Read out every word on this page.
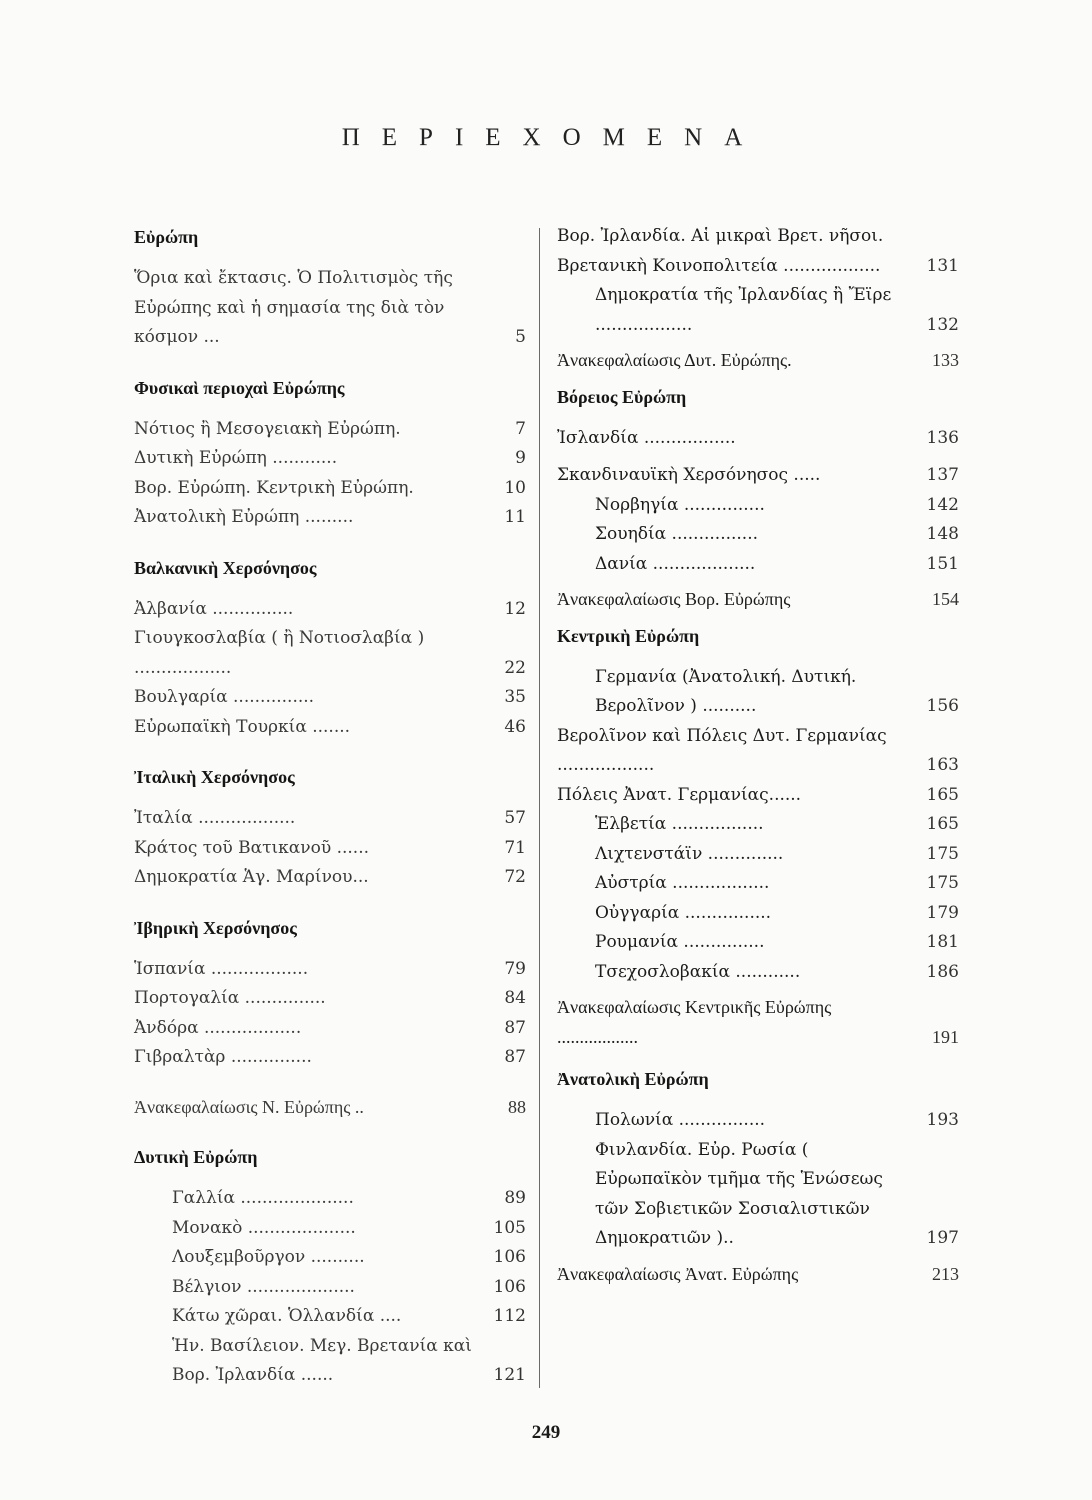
ΠΕΡΙΕΧΟΜΕΝΑ
Εὐρώπη
Ὅρια καὶ ἔκτασις. Ὁ Πολιτισμὸς τῆς Εὐρώπης καὶ ἡ σημασία της διὰ τὸν κόσμον ...	5
Φυσικαὶ περιοχαὶ Εὐρώπης
Νότιος ἢ Μεσογειακὴ Εὐρώπη.	7
Δυτικὴ Εὐρώπη ............	9
Βορ. Εὐρώπη. Κεντρικὴ Εὐρώπη.	10
Ἀνατολικὴ Εὐρώπη .........	11
Βαλκανικὴ Χερσόνησος
Ἀλβανία ...............	12
Γιουγκοσλαβία ( ἢ Νοτιοσλαβία ) ..................	22
Βουλγαρία ...............	35
Εὐρωπαϊκὴ Τουρκία .......	46
Ἰταλικὴ Χερσόνησος
Ἰταλία ..................	57
Κράτος τοῦ Βατικανοῦ ......	71
Δημοκρατία Ἁγ. Μαρίνου...	72
Ἰβηρικὴ Χερσόνησος
Ἱσπανία ..................	79
Πορτογαλία ...............	84
Ἀνδόρα ..................	87
Γιβραλτὰρ ...............	87
Ἀνακεφαλαίωσις Ν. Εὐρώπης ..	88
Δυτικὴ Εὐρώπη
Γαλλία .....................	89
Μονακὸ ....................	105
Λουξεμβοῦργον ..........	106
Βέλγιον ....................	106
Κάτω χῶραι. Ὁλλανδία ....	112
Ἡν. Βασίλειον. Μεγ. Βρετανία καὶ Βορ. Ἰρλανδία ......	121
Βορ. Ἰρλανδία. Αἱ μικραὶ Βρετ. νῆσοι. Βρετανικὴ Κοινοπολιτεία ..................	131
Δημοκρατία τῆς Ἰρλανδίας ἢ Ἔϊρε ..................	132
Ἀνακεφαλαίωσις Δυτ. Εὐρώπης.	133
Βόρειος Εὐρώπη
Ἰσλανδία .................	136
Σκανδιναυϊκὴ Χερσόνησος .....	137
Νορβηγία ...............	142
Σουηδία ................	148
Δανία ...................	151
Ἀνακεφαλαίωσις Βορ. Εὐρώπης	154
Κεντρικὴ Εὐρώπη
Γερμανία (Ἀνατολική. Δυτική. Βερολῖνον ) ..........	156
Βερολῖνον καὶ Πόλεις Δυτ. Γερμανίας ..................	163
Πόλεις Ἀνατ. Γερμανίας......	165
Ἑλβετία .................	165
Λιχτενστάϊν ..............	175
Αὐστρία ..................	175
Οὐγγαρία ................	179
Ρουμανία ...............	181
Τσεχοσλοβακία ............	186
Ἀνακεφαλαίωσις Κεντρικῆς Εὐρώπης ..................	191
Ἀνατολικὴ Εὐρώπη
Πολωνία ................	193
Φινλανδία. Εὐρ. Ρωσία ( Εὐρωπαϊκὸν τμῆμα τῆς Ἑνώσεως τῶν Σοβιετικῶν Σοσιαλιστικῶν Δημοκρατιῶν )..	197
Ἀνακεφαλαίωσις Ἀνατ. Εὐρώπης	213
249
